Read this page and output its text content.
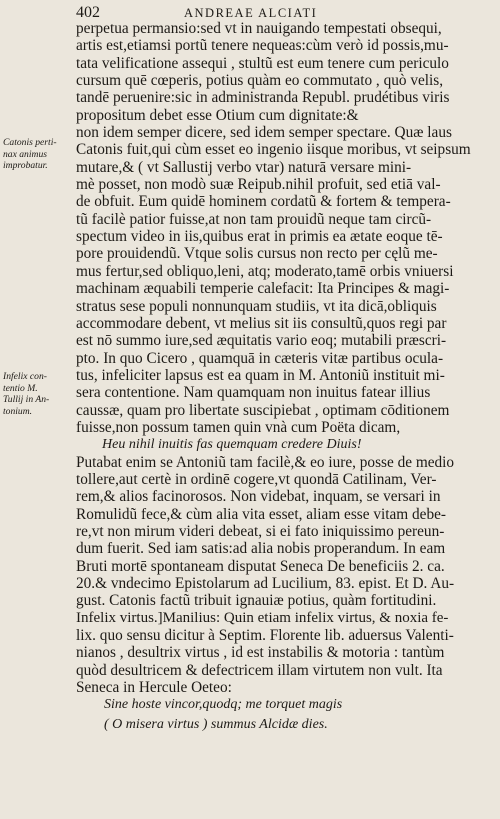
402	ANDREAE ALCIATI
Catonis perti-
nax animus
improbatur.
Infelix con-
tentio M.
Tullij in An-
tonium.
perpetua permansio:sed vt in nauigando tempestati obsequi,
artis est,etiamsi portũ tenere nequeas:cùm verò id possis,mu-
tata velificatione assequi , stultũ est eum tenere cum periculo
cursum quē cœperis, potius quàm eo commutato , quò velis,
tandē peruenire:sic in administranda Republ. prudétibus viris
propositum debet esse Otium cum dignitate:&
non idem semper dicere, sed idem semper spectare. Quæ laus
Catonis fuit,qui cùm esset eo ingenio iisque moribus, vt seipsum
mutare,& ( vt Sallustij verbo vtar) naturā versare mini-
mè posset, non modò suæ Reipub.nihil profuit, sed etiā val-
de obfuit. Eum quidē hominem cordatũ & fortem & tempera-
tũ facilè patior fuisse,at non tam prouidũ neque tam circũ-
spectum video in iis,quibus erat in primis ea ætate eoque tē-
pore prouidendũ. Vtque solis cursus non recto per cęlũ me-
mus fertur,sed obliquo,leni, atq; moderato,tamē orbis vniuersi
machinam æquabili temperie calefacit: Ita Principes & magi-
stratus sese populi nonnunquam studiis, vt ita dicā,obliquis
accommodare debent, vt melius sit iis consultũ,quos regi par
est nō summo iure,sed æquitatis vario eoq; mutabili præscri-
pto. In quo Cicero , quamquā in cæteris vitæ partibus ocula-
tus, infeliciter lapsus est ea quam in M. Antoniũ instituit mi-
sera contentione. Nam quamquam non inuitus fatear illius
caussæ, quam pro libertate suscipiebat , optimam cōditionem
fuisse,non possum tamen quin vnà cum Poëta dicam,
Heu nihil inuitis fas quemquam credere Diuis!
Putabat enim se Antoniũ tam facilè,& eo iure, posse de medio
tollere,aut certè in ordinē cogere,vt quondā Catilinam, Ver-
rem,& alios facinorosos. Non videbat, inquam, se versari in
Romulidũ fece,& cùm alia vita esset, aliam esse vitam debe-
re,vt non mirum videri debeat, si ei fato iniquissimo pereun-
dum fuerit. Sed iam satis:ad alia nobis properandum. In eam
Bruti mortē spontaneam disputat Seneca De beneficiis 2. ca.
20.& vndecimo Epistolarum ad Lucilium, 83. epist. Et D. Au-
gust. Catonis factũ tribuit ignauiæ potius, quàm fortitudini.
Infelix virtus.]Manilius: Quin etiam infelix virtus, & noxia fe-
lix. quo sensu dicitur à Septim. Florente lib. aduersus Valenti-
nianos , desultrix virtus , id est instabilis & motoria : tantùm
quòd desultricem & defectricem illam virtutem non vult. Ita
Seneca in Hercule Oeteo:
Sine hoste vincor,quodq; me torquet magis
( O misera virtus ) summus Alcidæ dies.
